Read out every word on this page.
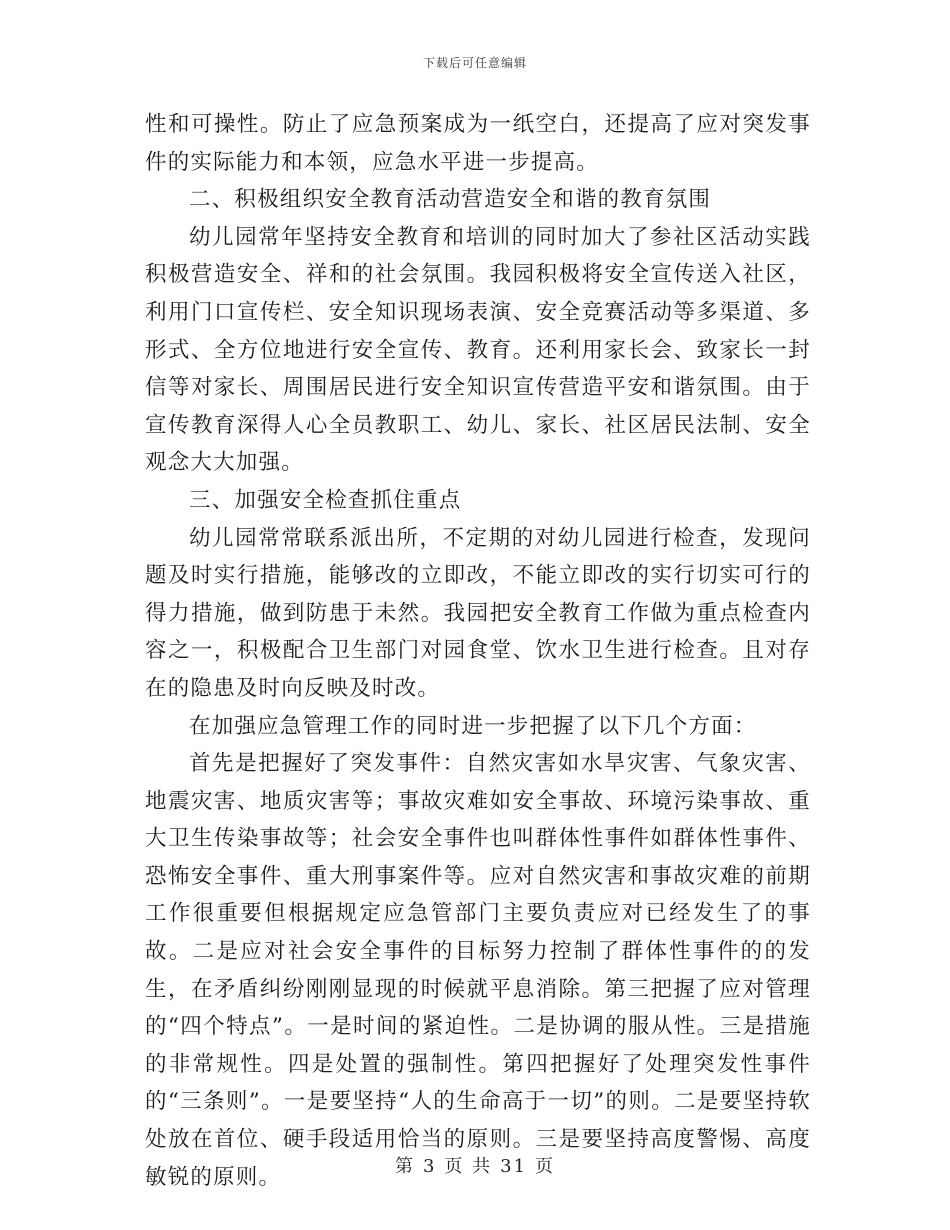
下载后可任意编辑

性和可操性。防止了应急预案成为一纸空白，还提高了应对突发事件的实际能力和本领，应急水平进一步提高。

二、积极组织安全教育活动营造安全和谐的教育氛围

幼儿园常年坚持安全教育和培训的同时加大了参社区活动实践积极营造安全、祥和的社会氛围。我园积极将安全宣传送入社区，利用门口宣传栏、安全知识现场表演、安全竞赛活动等多渠道、多形式、全方位地进行安全宣传、教育。还利用家长会、致家长一封信等对家长、周围居民进行安全知识宣传营造平安和谐氛围。由于宣传教育深得人心全员教职工、幼儿、家长、社区居民法制、安全观念大大加强。

三、加强安全检查抓住重点

幼儿园常常联系派出所，不定期的对幼儿园进行检查，发现问题及时实行措施，能够改的立即改，不能立即改的实行切实可行的得力措施，做到防患于未然。我园把安全教育工作做为重点检查内容之一，积极配合卫生部门对园食堂、饮水卫生进行检查。且对存在的隐患及时向反映及时改。

在加强应急管理工作的同时进一步把握了以下几个方面：

首先是把握好了突发事件：自然灾害如水旱灾害、气象灾害、地震灾害、地质灾害等；事故灾难如安全事故、环境污染事故、重大卫生传染事故等；社会安全事件也叫群体性事件如群体性事件、恐怖安全事件、重大刑事案件等。应对自然灾害和事故灾难的前期工作很重要但根据规定应急管部门主要负责应对已经发生了的事故。二是应对社会安全事件的目标努力控制了群体性事件的的发生，在矛盾纠纷刚刚显现的时候就平息消除。第三把握了应对管理的“四个特点”。一是时间的紧迫性。二是协调的服从性。三是措施的非常规性。四是处置的强制性。第四把握好了处理突发性事件的“三条则”。一是要坚持“人的生命高于一切”的则。二是要坚持软处放在首位、硬手段适用恰当的原则。三是要坚持高度警惕、高度敏锐的原则。	第 3 页 共 31 页
